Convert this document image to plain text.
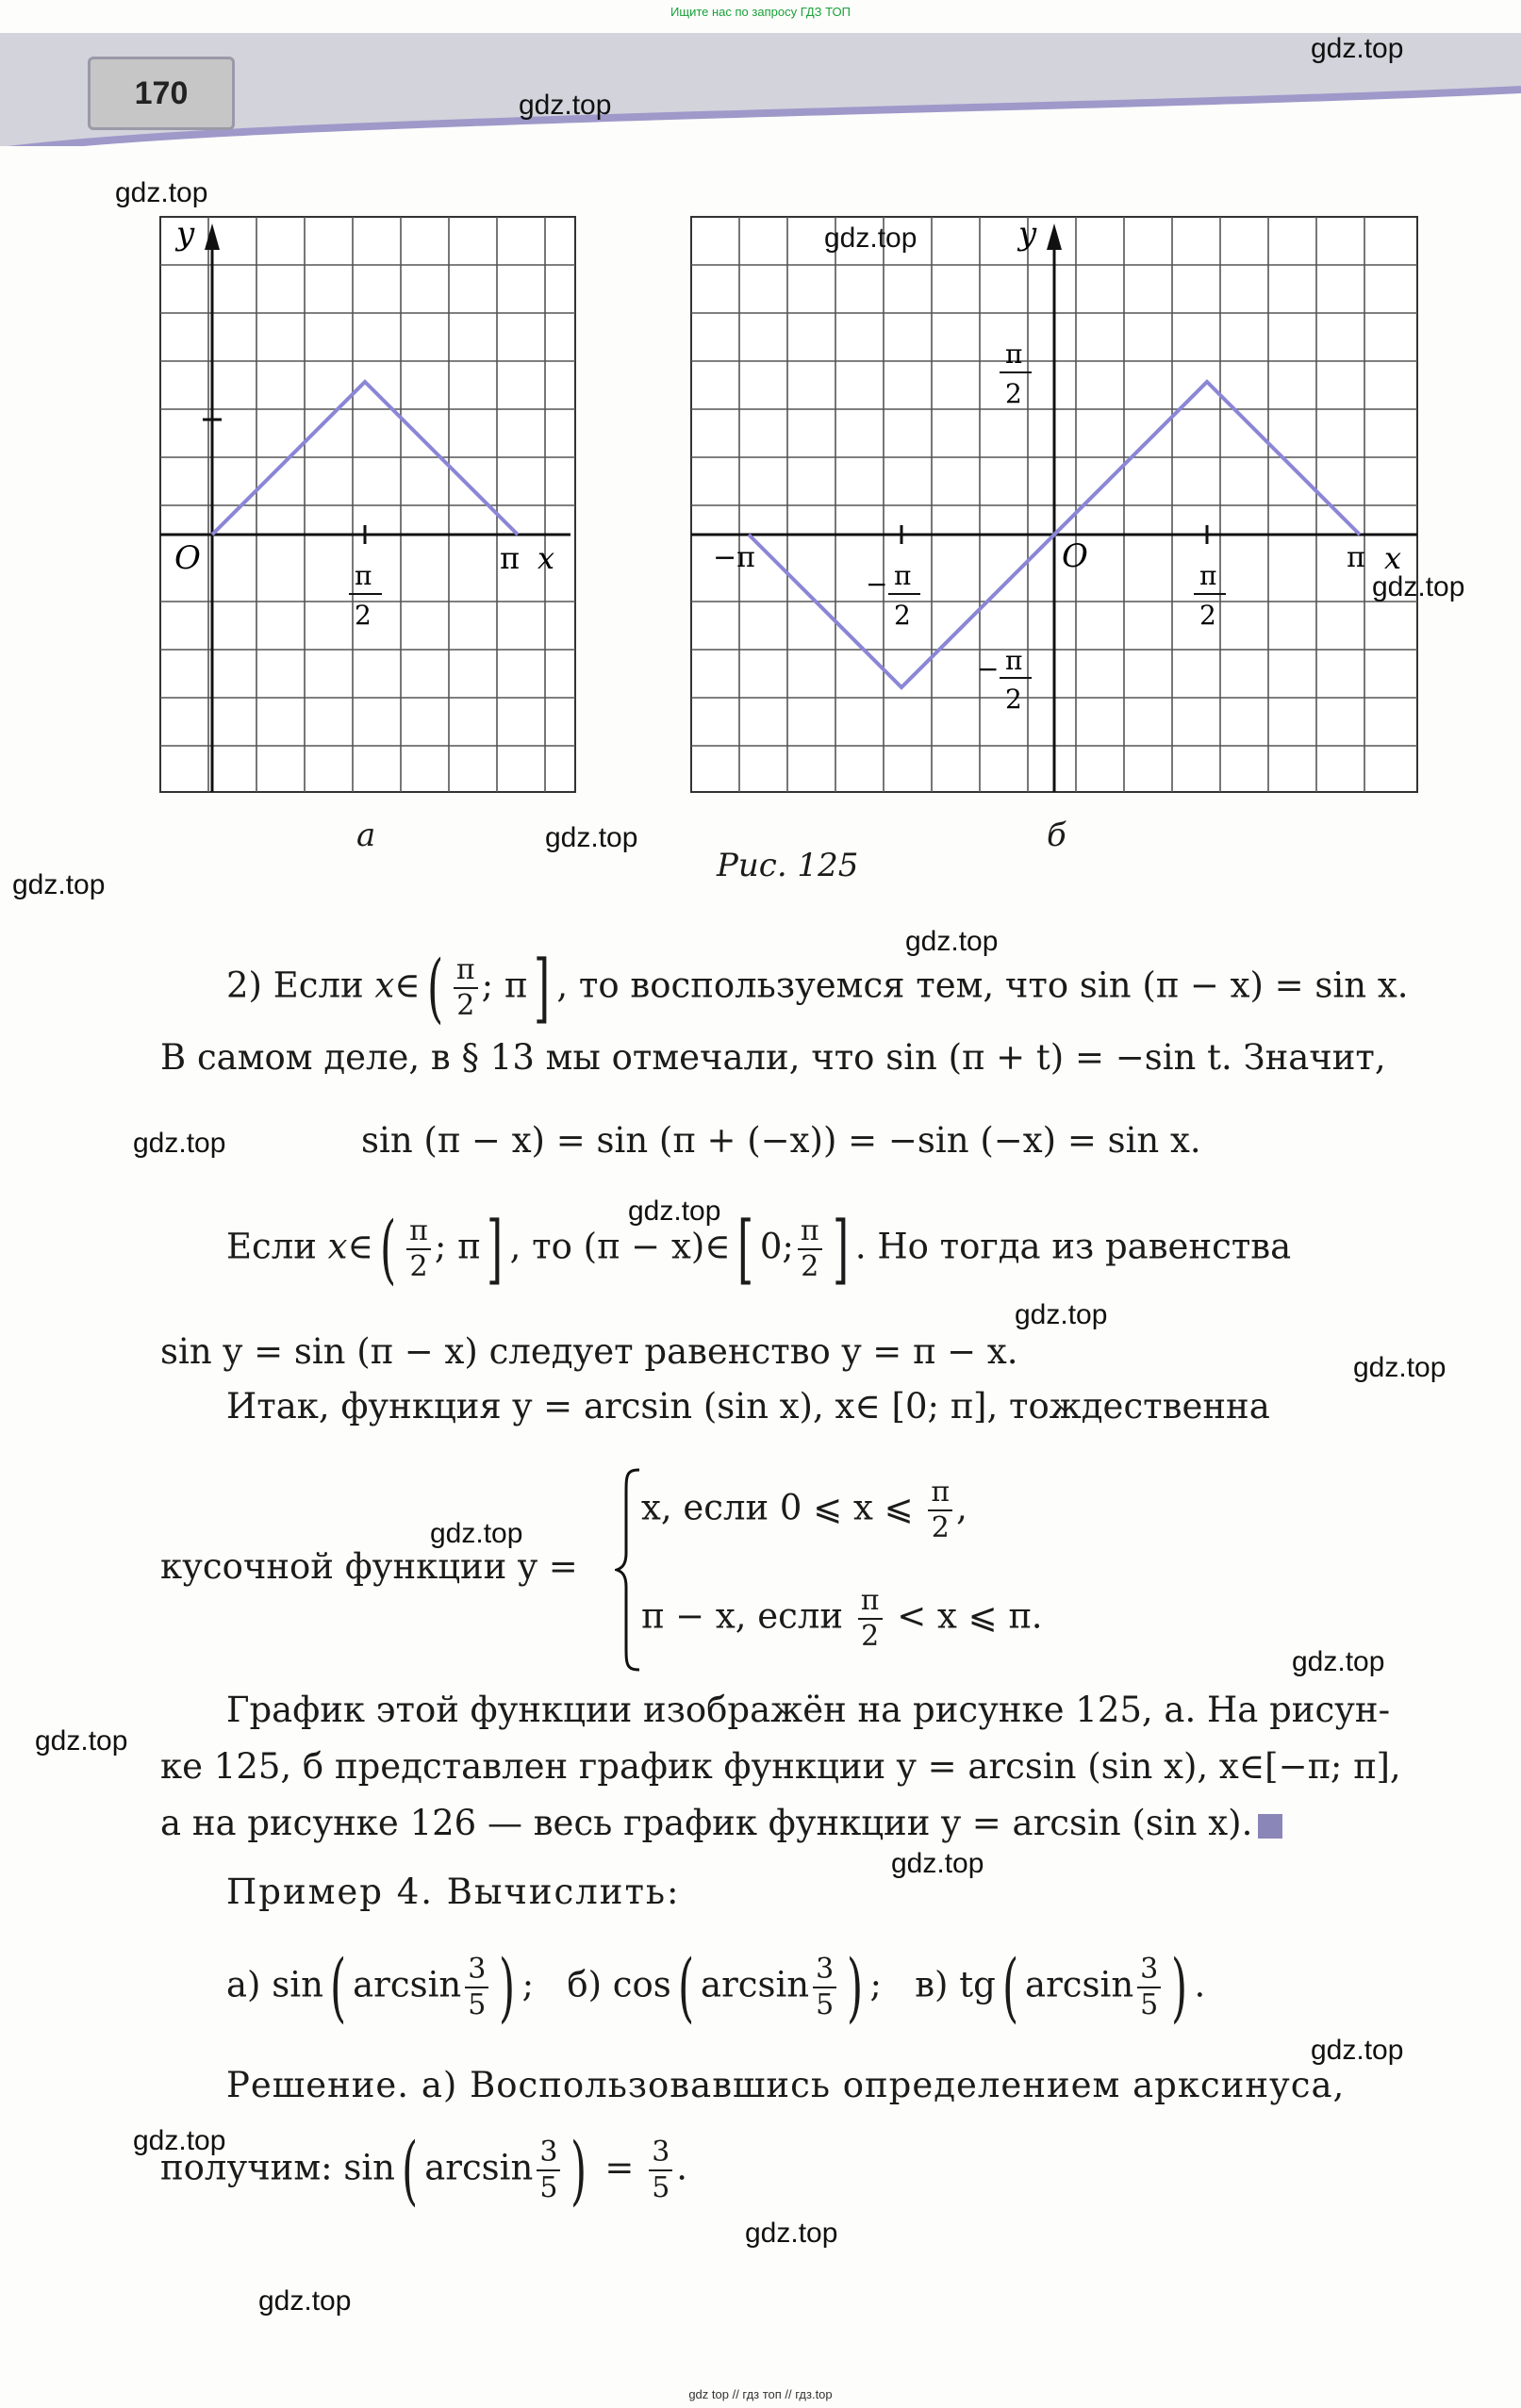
Ищите нас по запросу ГДЗ ТОП
gdz top // гдз топ // гдз.top
170
y
O	π x
π
2
а
y
O
−π	π x
π
2
− π
2
− π
2
π
2
б
Рис. 125
2) Если x∈( $\frac{\pi}{2}$ ; π] , то воспользуемся тем, что sin (π − x) = sin x.
В самом деле, в § 13 мы отмечали, что sin (π + t) = −sin t. Значит,
sin (π − x) = sin (π + (−x)) = −sin (−x) = sin x.
Если x∈( $\frac{\pi}{2}$ ; π] , то (π − x)∈[ 0; $\frac{\pi}{2}$ ] . Но тогда из равенства
sin y = sin (π − x) следует равенство y = π − x.
Итак, функция y = arcsin (sin x), x∈ [0; π], тождественна
кусочной функции y =
x, если 0 ⩽ x ⩽ $\frac{\pi}{2}$ ,
π − x, если $\frac{\pi}{2} < x$ ⩽ π.
График этой функции изображён на рисунке 125, а. На рисун-
ке 125, б представлен график функции y = arcsin (sin x), x∈[−π; π],
а на рисунке 126 — весь график функции y = arcsin (sin x).
Пример 4. Вычислить:
а) sin( $\arcsin \frac{3}{5}$ ) ; б) cos( $\arcsin \frac{3}{5}$ ) ; в) tg( $\arcsin \frac{3}{5}$ ) .
Решение. а) Воспользовавшись определением арксинуса,
получим: sin( $\arcsin \frac{3}{5}$ ) = $\frac{3}{5}$ .
gdz.top
gdz.top
gdz.top
gdz.top
gdz.top
gdz.top
gdz.top
gdz.top
gdz.top
gdz.top
gdz.top
gdz.top
gdz.top
gdz.top
gdz.top
gdz.top
gdz.top
gdz.top
gdz.top
gdz.top
